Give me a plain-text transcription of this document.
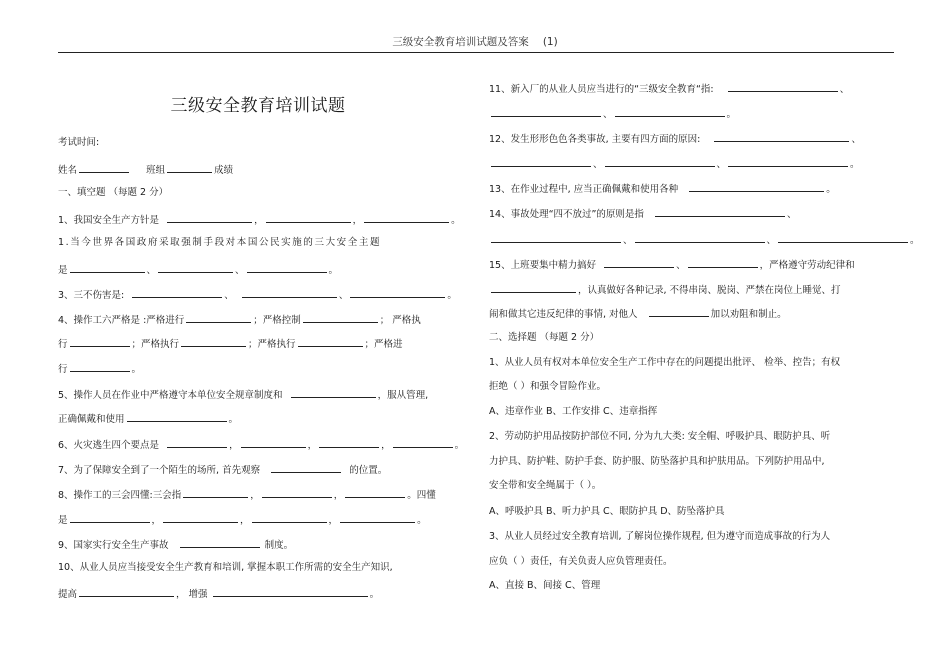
三级安全教育培训试题及答案 (1)
三级安全教育培训试题
考试时间:
姓名	班组	成绩
一、填空题 （每题 2 分）
1、我国安全生产方针是	，	，	。
1.当今世界各国政府采取强制手段对本国公民实施的三大安全主题
是	、	、	。
3、三不伤害是:	、	、	。
4、操作工六严格是 :严格进行	；严格控制	； 严格执
行	；严格执行	；严格执行	；严格进
行	。
5、操作人员在作业中严格遵守本单位安全规章制度和	，服从管理,
正确佩戴和使用	。
6、火灾逃生四个要点是	，	，	，	。
7、为了保障安全到了一个陌生的场所, 首先观察	的位置。
8、操作工的三会四懂:三会指	，	，	。四懂
是	，	，	，	。
9、国家实行安全生产事故	制度。
10、从业人员应当接受安全生产教育和培训, 掌握本职工作所需的安全生产知识,
提高	， 增强	。
11、新入厂的从业人员应当进行的“三级安全教育“指:	、
、	。
12、发生形形色色各类事故, 主要有四方面的原因:	、
、	、	。
13、在作业过程中, 应当正确佩戴和使用各种	。
14、事故处理“四不放过”的原则是指	、
、	、	。
15、上班要集中精力搞好	、	，严格遵守劳动纪律和
，认真做好各种记录, 不得串岗、脱岗、严禁在岗位上睡觉、打
闹和做其它违反纪律的事情, 对他人	加以劝阻和制止。
二、选择题 （每题 2 分）
1、从业人员有权对本单位安全生产工作中存在的问题提出批评、 检举、控告；有权
拒绝（ ）和强令冒险作业。
A、违章作业 B、工作安排 C、违章指挥
2、劳动防护用品按防护部位不同, 分为九大类: 安全帽、呼吸护具、眼防护具、听
力护具、防护鞋、防护手套、防护服、防坠落护具和护肤用品。下列防护用品中,
安全带和安全绳属于（ ）。
A、呼吸护具 B、听力护具 C、眼防护具 D、防坠落护具
3、从业人员经过安全教育培训, 了解岗位操作规程, 但为遵守而造成事故的行为人
应负（ ）责任，有关负责人应负管理责任。
A、直接 B、间接 C、管理
